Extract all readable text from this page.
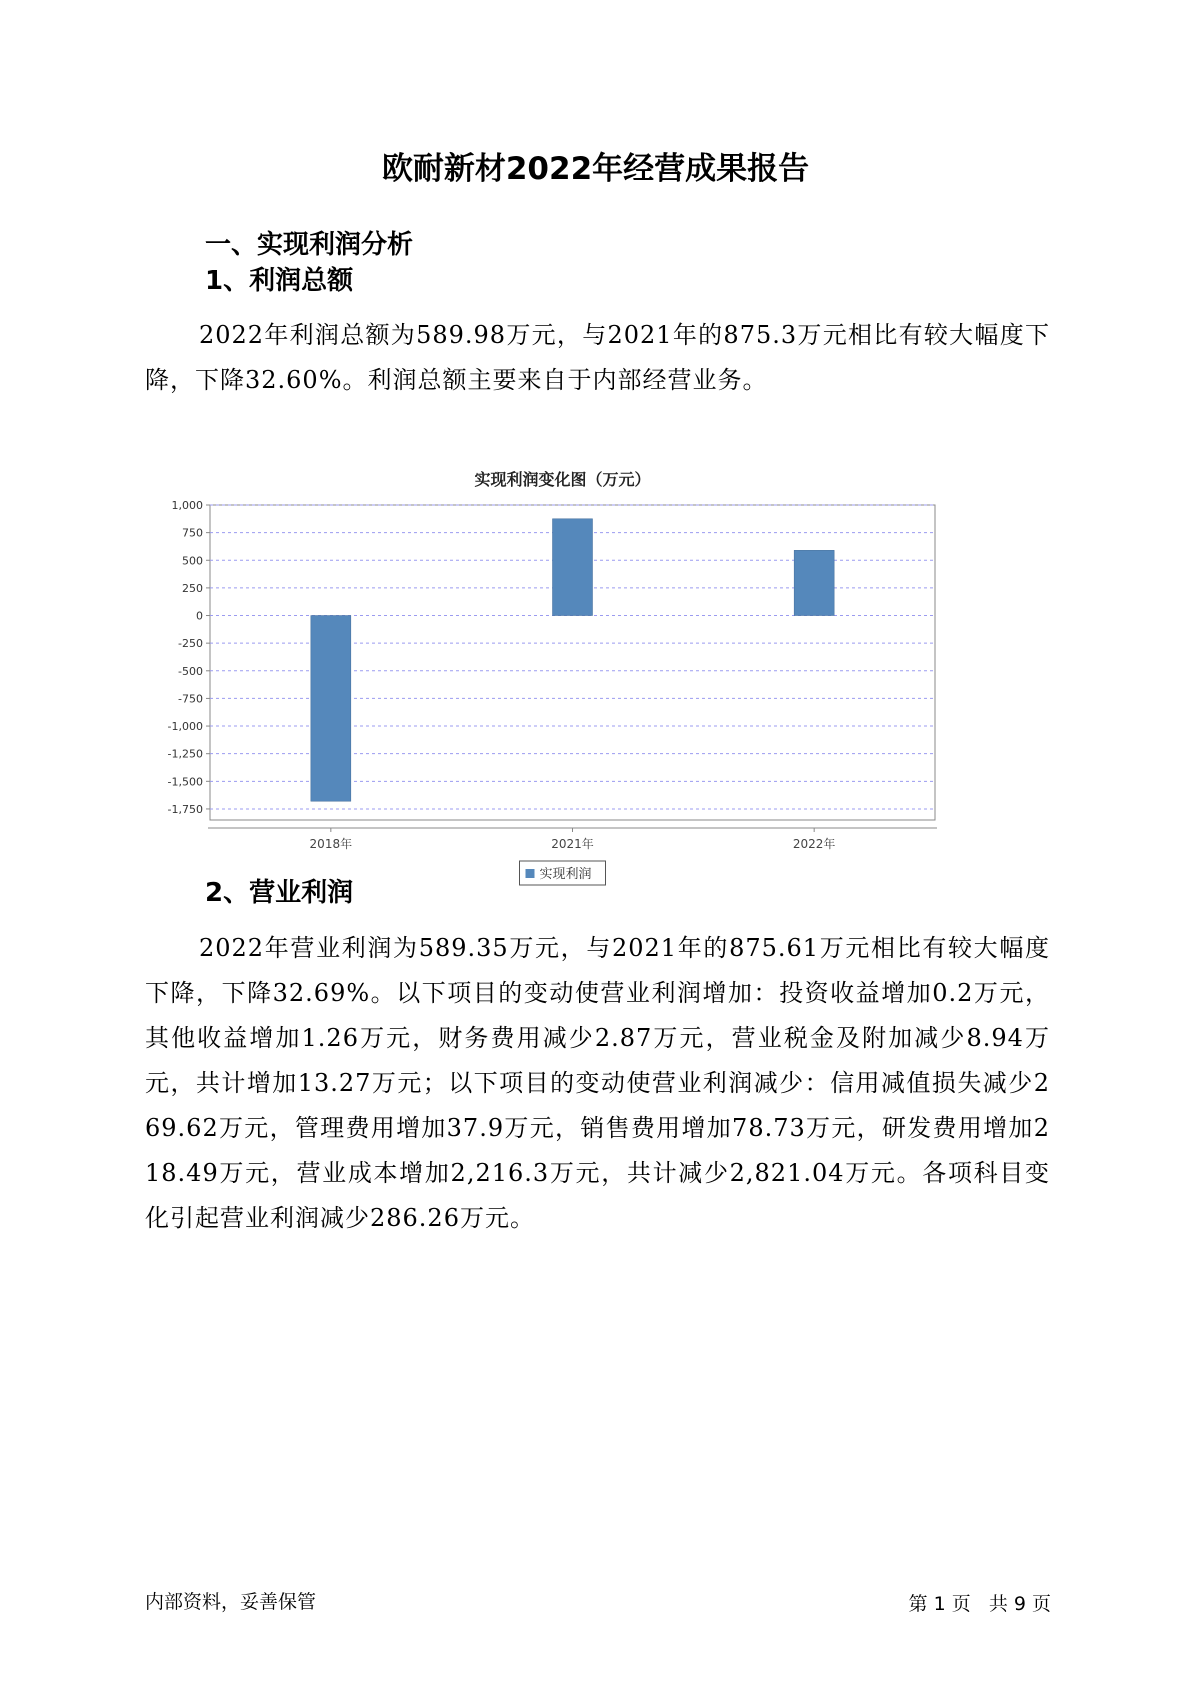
欧耐新材2022年经营成果报告
一、实现利润分析
1、利润总额
2022年利润总额为589.98万元，与2021年的875.3万元相比有较大幅度下降，下降32.60%。利润总额主要来自于内部经营业务。
实现利润变化图（万元）
1,000
750
500
250
0
-250
-500
-750
-1,000
-1,250
-1,500
-1,750
2018年	2021年	2022年
实现利润
2、营业利润
2022年营业利润为589.35万元，与2021年的875.61万元相比有较大幅度下降，下降32.69%。以下项目的变动使营业利润增加：投资收益增加0.2万元，其他收益增加1.26万元，财务费用减少2.87万元，营业税金及附加减少8.94万元，共计增加13.27万元；以下项目的变动使营业利润减少：信用减值损失减少269.62万元，管理费用增加37.9万元，销售费用增加78.73万元，研发费用增加218.49万元，营业成本增加2,216.3万元，共计减少2,821.04万元。各项科目变化引起营业利润减少286.26万元。
内部资料，妥善保管	第 1 页   共 9 页
